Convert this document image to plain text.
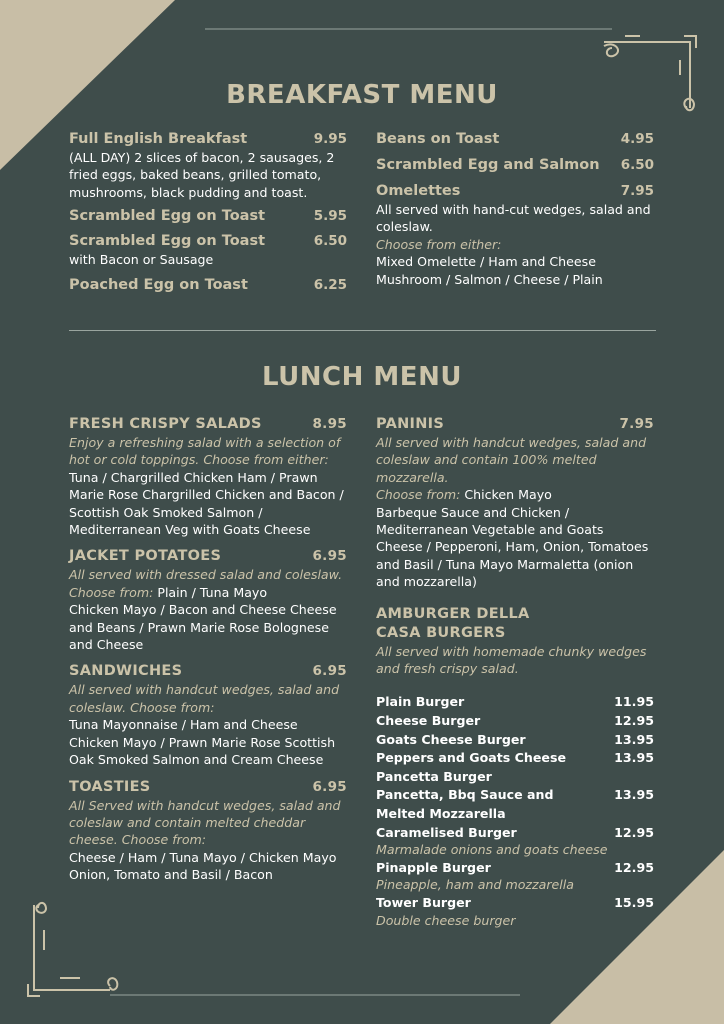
BREAKFAST MENU
Full English Breakfast	9.95
(ALL DAY) 2 slices of bacon, 2 sausages, 2 fried eggs, baked beans, grilled tomato, mushrooms, black pudding and toast.
Scrambled Egg on Toast	5.95
Scrambled Egg on Toast	6.50
with Bacon or Sausage
Poached Egg on Toast	6.25
Beans on Toast	4.95
Scrambled Egg and Salmon 6.50
Omelettes	7.95
All served with hand-cut wedges, salad and coleslaw.
Choose from either:
Mixed Omelette / Ham and Cheese Mushroom / Salmon / Cheese / Plain
LUNCH MENU
FRESH CRISPY SALADS	8.95
Enjoy a refreshing salad with a selection of hot or cold toppings. Choose from either:
Tuna / Chargrilled Chicken Ham / Prawn Marie Rose Chargrilled Chicken and Bacon / Scottish Oak Smoked Salmon / Mediterranean Veg with Goats Cheese
JACKET POTATOES	6.95
All served with dressed salad and coleslaw.
Choose from: Plain / Tuna Mayo
Chicken Mayo / Bacon and Cheese Cheese and Beans / Prawn Marie Rose Bolognese and Cheese
SANDWICHES	6.95
All served with handcut wedges, salad and coleslaw. Choose from:
Tuna Mayonnaise / Ham and Cheese Chicken Mayo / Prawn Marie Rose Scottish Oak Smoked Salmon and Cream Cheese
TOASTIES	6.95
All Served with handcut wedges, salad and coleslaw and contain melted cheddar cheese. Choose from:
Cheese / Ham / Tuna Mayo / Chicken Mayo Onion, Tomato and Basil / Bacon
PANINIS	7.95
All served with handcut wedges, salad and coleslaw and contain 100% melted mozzarella.
Choose from: Chicken Mayo
Barbeque Sauce and Chicken / Mediterranean Vegetable and Goats Cheese / Pepperoni, Ham, Onion, Tomatoes and Basil / Tuna Mayo Marmaletta (onion and mozzarella)
AMBURGER DELLA
CASA BURGERS
All served with homemade chunky wedges and fresh crispy salad.
Plain Burger	11.95
Cheese Burger	12.95
Goats Cheese Burger	13.95
Peppers and Goats Cheese	13.95
Pancetta Burger
Pancetta, Bbq Sauce and	13.95
Melted Mozzarella
Caramelised Burger	12.95
Marmalade onions and goats cheese
Pinapple Burger	12.95
Pineapple, ham and mozzarella
Tower Burger	15.95
Double cheese burger
